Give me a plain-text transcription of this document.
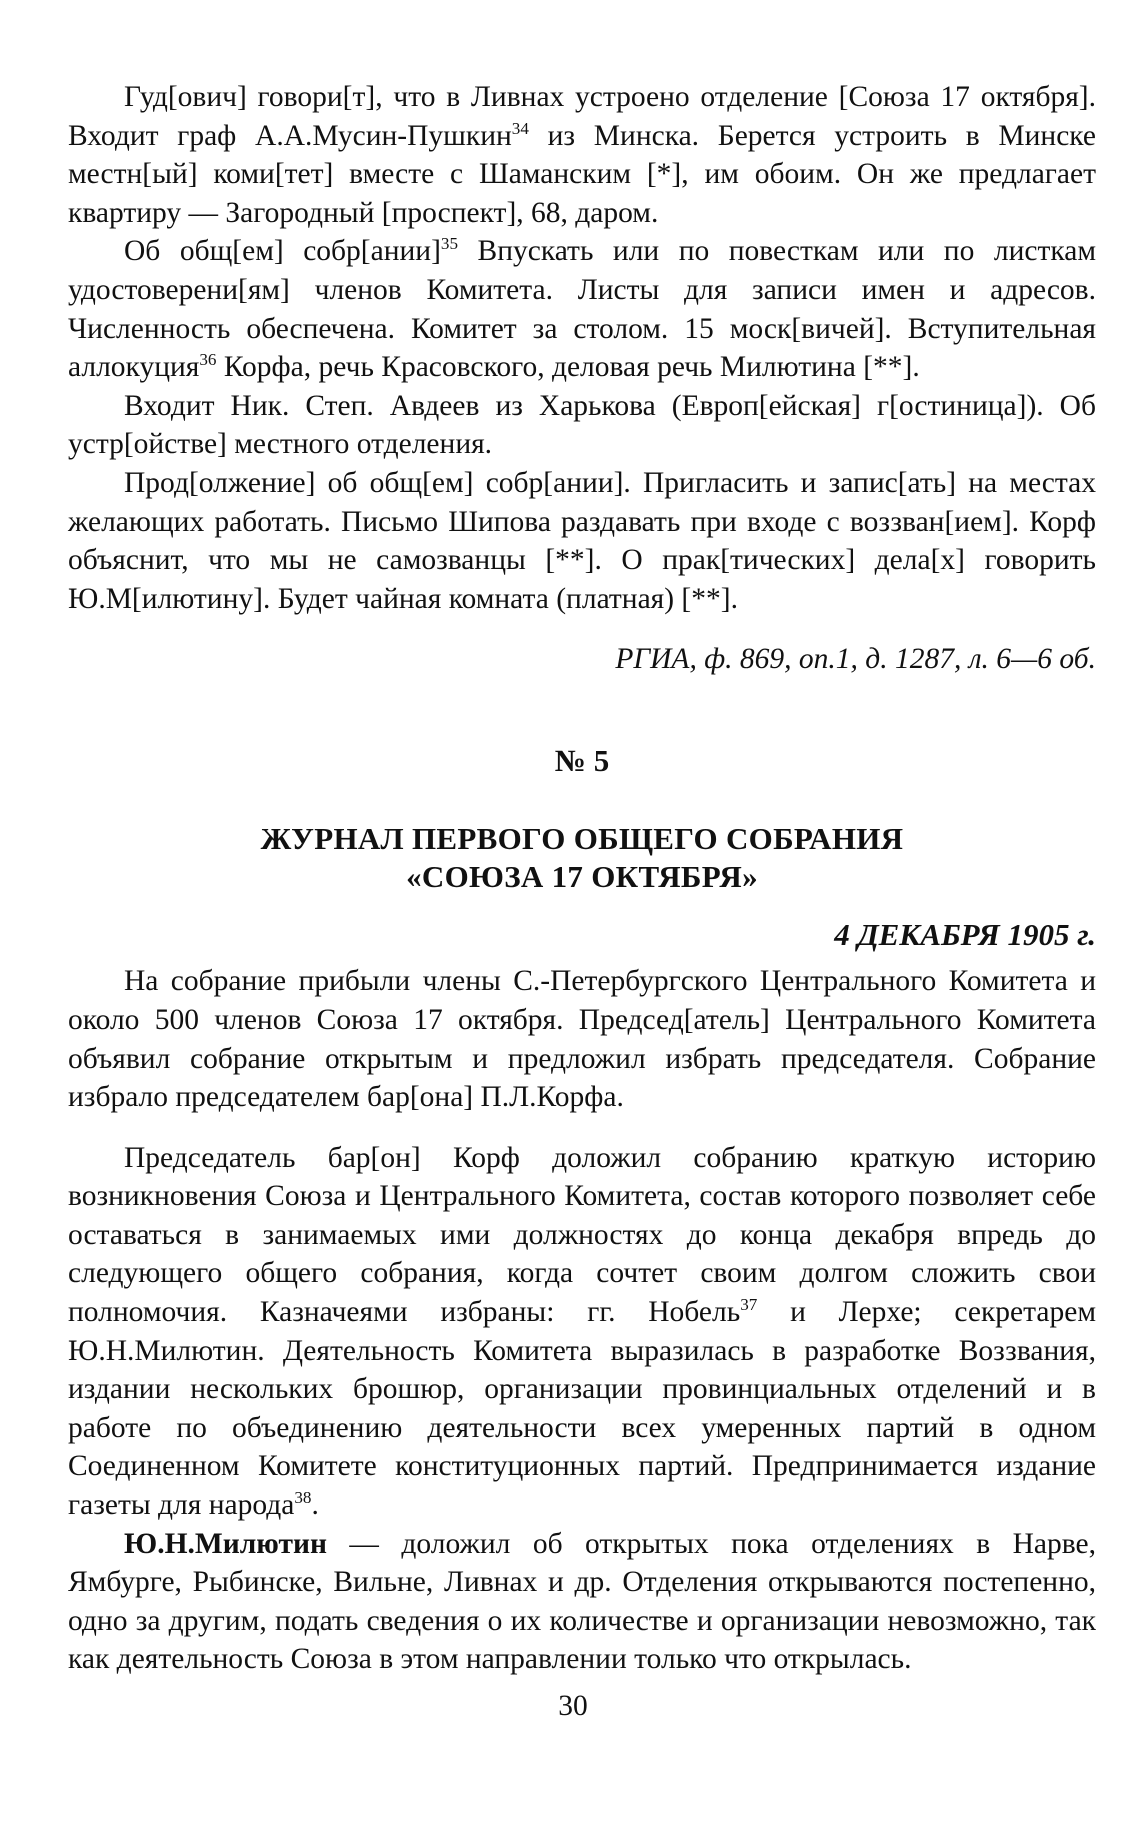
Гуд[ович] говори[т], что в Ливнах устроено отделение [Союза 17 октября]. Входит граф А.А.Мусин-Пушкин$^{34}$ из Минска. Берется устроить в Минске местн[ый] коми[тет] вместе с Шаманским [*], им обоим. Он же предлагает квартиру — Загородный [проспект], 68, даром.

Об общ[ем] собр[ании]$^{35}$ Впускать или по повесткам или по листкам удостоверени[ям] членов Комитета. Листы для записи имен и адресов. Численность обеспечена. Комитет за столом. 15 моск[вичей]. Вступительная аллокуция$^{36}$ Корфа, речь Красовского, деловая речь Милютина [**].

Входит Ник. Степ. Авдеев из Харькова (Европ[ейская] г[остиница]). Об устр[ойстве] местного отделения.

Прод[олжение] об общ[ем] собр[ании]. Пригласить и запис[ать] на местах желающих работать. Письмо Шипова раздавать при входе с воззван[ием]. Корф объяснит, что мы не самозванцы [**]. О прак[тических] дела[х] говорить Ю.М[илютину]. Будет чайная комната (платная) [**].

РГИА, ф. 869, оп.1, д. 1287, л. 6—6 об.
№ 5
ЖУРНАЛ ПЕРВОГО ОБЩЕГО СОБРАНИЯ
«СОЮЗА 17 ОКТЯБРЯ»
4 ДЕКАБРЯ 1905 г.

На собрание прибыли члены С.-Петербургского Центрального Комитета и около 500 членов Союза 17 октября. Председ[атель] Центрального Комитета объявил собрание открытым и предложил избрать председателя. Собрание избрало председателем бар[она] П.Л.Корфа.

Председатель бар[он] Корф доложил собранию краткую историю возникновения Союза и Центрального Комитета, состав которого позволяет себе оставаться в занимаемых ими должностях до конца декабря впредь до следующего общего собрания, когда сочтет своим долгом сложить свои полномочия. Казначеями избраны: гг. Нобель$^{37}$ и Лерхе; секретарем Ю.Н.Милютин. Деятельность Комитета выразилась в разработке Воззвания, издании нескольких брошюр, организации провинциальных отделений и в работе по объединению деятельности всех умеренных партий в одном Соединенном Комитете конституционных партий. Предпринимается издание газеты для народа$^{38}$.

Ю.Н.Милютин — доложил об открытых пока отделениях в Нарве, Ямбурге, Рыбинске, Вильне, Ливнах и др. Отделения открываются постепенно, одно за другим, подать сведения о их количестве и организации невозможно, так как деятельность Союза в этом направлении только что открылась.

30
